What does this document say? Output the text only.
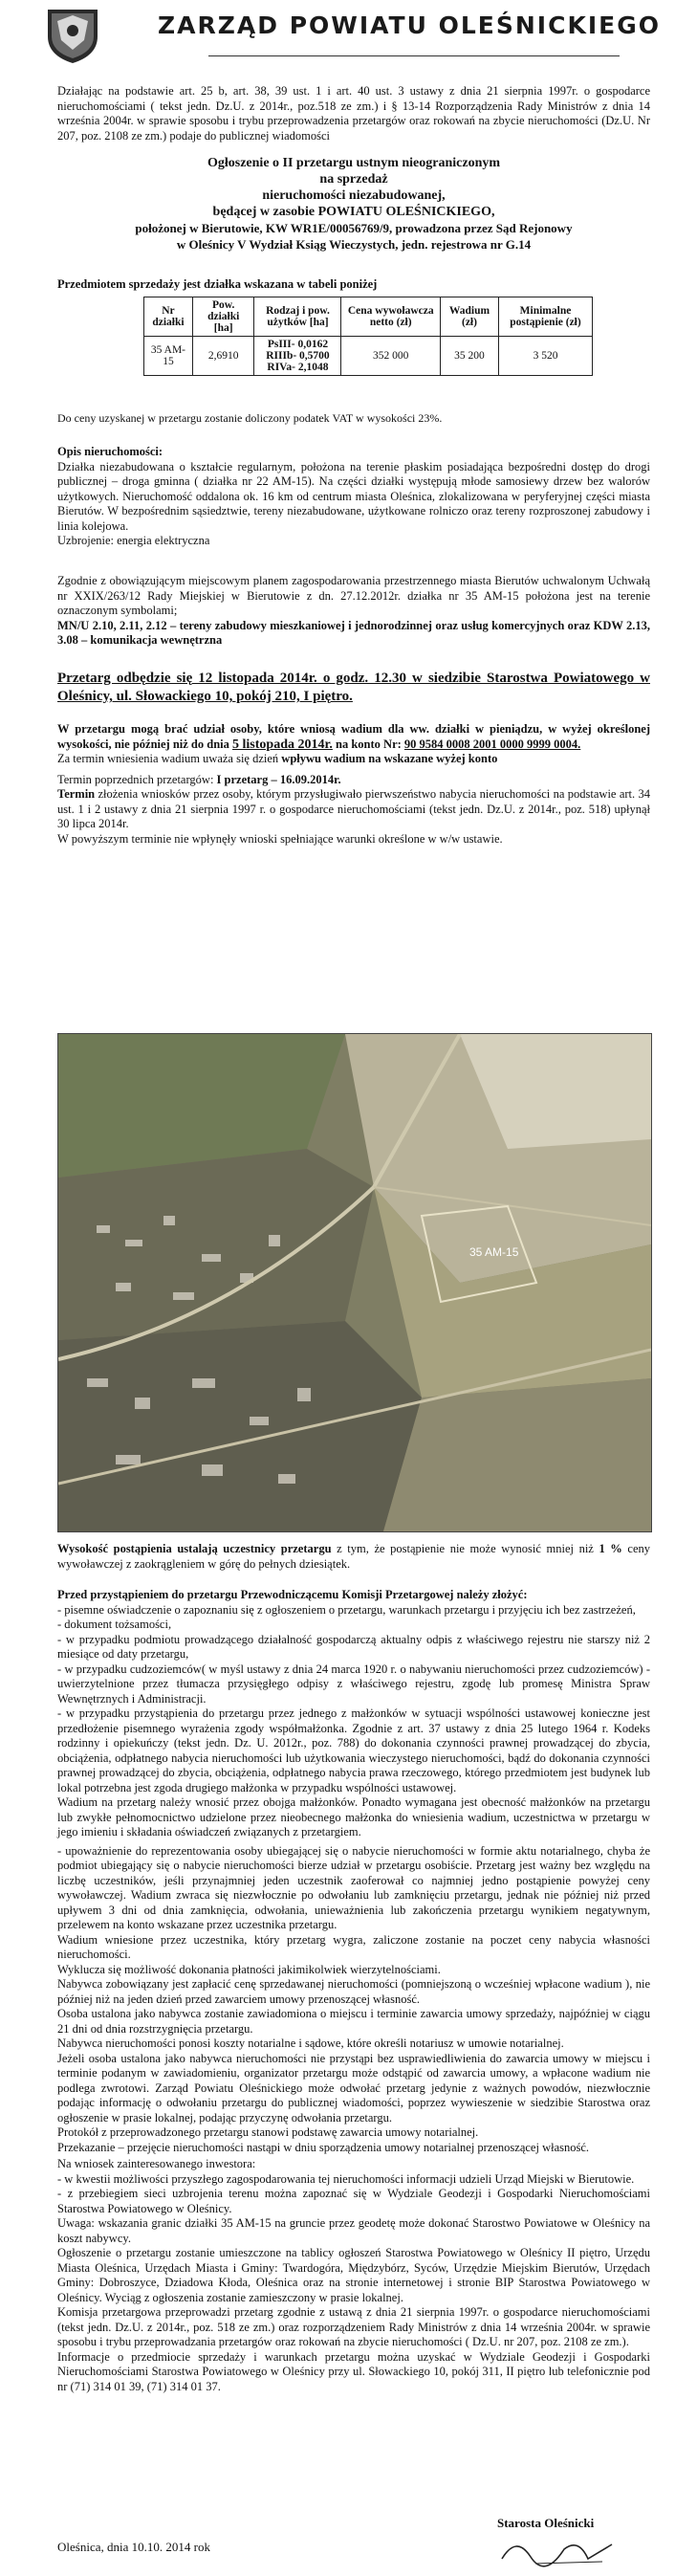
ZARZĄD POWIATU OLEŚNICKIEGO
Działając na podstawie art. 25 b, art. 38, 39 ust. 1 i art. 40 ust. 3 ustawy z dnia 21 sierpnia 1997r. o gospodarce nieruchomościami ( tekst jedn. Dz.U. z 2014r., poz.518 ze zm.) i § 13-14 Rozporządzenia Rady Ministrów z dnia 14 września 2004r. w sprawie sposobu i trybu przeprowadzenia przetargów oraz rokowań na zbycie nieruchomości (Dz.U. Nr 207, poz. 2108 ze zm.) podaje do publicznej wiadomości
Ogłoszenie o II przetargu ustnym nieograniczonym
na sprzedaż
nieruchomości niezabudowanej,
będącej w zasobie POWIATU OLEŚNICKIEGO,
położonej w Bierutowie, KW WR1E/00056769/9, prowadzona przez Sąd Rejonowy
w Oleśnicy V Wydział Ksiąg Wieczystych, jedn. rejestrowa nr G.14
Przedmiotem sprzedaży jest działka wskazana w tabeli poniżej
Nr działki	Pow. działki [ha]	Rodzaj i pow. użytków [ha]	Cena wywoławcza netto (zł)	Wadium (zł)	Minimalne postąpienie (zł)
35 AM-15	2,6910	PsIII- 0,0162
RIIIb- 0,5700
RIVa- 2,1048	352 000	35 200	3 520
Do ceny uzyskanej w przetargu zostanie doliczony podatek VAT w wysokości 23%.
Opis nieruchomości:
Działka niezabudowana o kształcie regularnym, położona na terenie płaskim posiadająca bezpośredni dostęp do drogi publicznej – droga gminna ( działka nr 22 AM-15). Na części działki występują młode samosiewy drzew bez walorów użytkowych. Nieruchomość oddalona ok. 16 km od centrum miasta Oleśnica, zlokalizowana w peryferyjnej części miasta Bierutów. W bezpośrednim sąsiedztwie, tereny niezabudowane, użytkowane rolniczo oraz tereny rozproszonej zabudowy i linia kolejowa.
Uzbrojenie: energia elektryczna
Zgodnie z obowiązującym miejscowym planem zagospodarowania przestrzennego miasta Bierutów uchwalonym Uchwałą nr XXIX/263/12 Rady Miejskiej w Bierutowie z dn. 27.12.2012r. działka nr 35 AM-15 położona jest na terenie oznaczonym symbolami;
MN/U 2.10, 2.11, 2.12 – tereny zabudowy mieszkaniowej i jednorodzinnej oraz usług komercyjnych oraz KDW 2.13, 3.08 – komunikacja wewnętrzna
Przetarg odbędzie się 12 listopada 2014r. o godz. 12.30 w siedzibie Starostwa Powiatowego w Oleśnicy, ul. Słowackiego 10, pokój 210, I piętro.
W przetargu mogą brać udział osoby, które wniosą wadium dla ww. działki w pieniądzu, w wyżej określonej wysokości, nie później niż do dnia 5 listopada 2014r. na konto Nr: 90 9584 0008 2001 0000 9999 0004.
Za termin wniesienia wadium uważa się dzień wpływu wadium na wskazane wyżej konto
Termin poprzednich przetargów: I przetarg – 16.09.2014r.
Termin złożenia wniosków przez osoby, którym przysługiwało pierwszeństwo nabycia nieruchomości na podstawie art. 34 ust. 1 i 2 ustawy z dnia 21 sierpnia 1997 r. o gospodarce nieruchomościami (tekst jedn. Dz.U. z 2014r., poz. 518) upłynął 30 lipca 2014r.
W powyższym terminie nie wpłynęły wnioski spełniające warunki określone w w/w ustawie.
35 AM-15
Wysokość postąpienia ustalają uczestnicy przetargu z tym, że postąpienie nie może wynosić mniej niż 1 % ceny wywoławczej z zaokrągleniem w górę do pełnych dziesiątek.
Przed przystąpieniem do przetargu Przewodniczącemu Komisji Przetargowej należy złożyć:
- pisemne oświadczenie o zapoznaniu się z ogłoszeniem o przetargu, warunkach przetargu i przyjęciu ich bez zastrzeżeń,
- dokument tożsamości,
- w przypadku podmiotu prowadzącego działalność gospodarczą aktualny odpis z właściwego rejestru nie starszy niż 2 miesiące od daty przetargu,
- w przypadku cudzoziemców( w myśl ustawy z dnia 24 marca 1920 r. o nabywaniu nieruchomości przez cudzoziemców) - uwierzytelnione przez tłumacza przysięgłego odpisy z właściwego rejestru, zgodę lub promesę Ministra Spraw Wewnętrznych i Administracji.
- w przypadku przystąpienia do przetargu przez jednego z małżonków w sytuacji wspólności ustawowej konieczne jest przedłożenie pisemnego wyrażenia zgody współmałżonka. Zgodnie z art. 37 ustawy z dnia 25 lutego 1964 r. Kodeks rodzinny i opiekuńczy (tekst jedn. Dz. U. 2012r., poz. 788) do dokonania czynności prawnej prowadzącej do zbycia, obciążenia, odpłatnego nabycia nieruchomości lub użytkowania wieczystego nieruchomości, bądź do dokonania czynności prawnej prowadzącej do zbycia, obciążenia, odpłatnego nabycia prawa rzeczowego, którego przedmiotem jest budynek lub lokal potrzebna jest zgoda drugiego małżonka w przypadku wspólności ustawowej.
Wadium na przetarg należy wnosić przez obojga małżonków. Ponadto wymagana jest obecność małżonków na przetargu lub zwykłe pełnomocnictwo udzielone przez nieobecnego małżonka do wniesienia wadium, uczestnictwa w przetargu w jego imieniu i składania oświadczeń związanych z przetargiem.
- upoważnienie do reprezentowania osoby ubiegającej się o nabycie nieruchomości w formie aktu notarialnego, chyba że podmiot ubiegający się o nabycie nieruchomości bierze udział w przetargu osobiście. Przetarg jest ważny bez względu na liczbę uczestników, jeśli przynajmniej jeden uczestnik zaoferował co najmniej jedno postąpienie powyżej ceny wywoławczej. Wadium zwraca się niezwłocznie po odwołaniu lub zamknięciu przetargu, jednak nie później niż przed upływem 3 dni od dnia zamknięcia, odwołania, unieważnienia lub zakończenia przetargu wynikiem negatywnym, przelewem na konto wskazane przez uczestnika przetargu.
Wadium wniesione przez uczestnika, który przetarg wygra, zaliczone zostanie na poczet ceny nabycia własności nieruchomości.
Wyklucza się możliwość dokonania płatności jakimikolwiek wierzytelnościami.
Nabywca zobowiązany jest zapłacić cenę sprzedawanej nieruchomości (pomniejszoną o wcześniej wpłacone wadium ), nie później niż na jeden dzień przed zawarciem umowy przenoszącej własność.
Osoba ustalona jako nabywca zostanie zawiadomiona o miejscu i terminie zawarcia umowy sprzedaży, najpóźniej w ciągu 21 dni od dnia rozstrzygnięcia przetargu.
Nabywca nieruchomości ponosi koszty notarialne i sądowe, które określi notariusz w umowie notarialnej.
Jeżeli osoba ustalona jako nabywca nieruchomości nie przystąpi bez usprawiedliwienia do zawarcia umowy w miejscu i terminie podanym w zawiadomieniu, organizator przetargu może odstąpić od zawarcia umowy, a wpłacone wadium nie podlega zwrotowi. Zarząd Powiatu Oleśnickiego może odwołać przetarg jedynie z ważnych powodów, niezwłocznie podając informację o odwołaniu przetargu do publicznej wiadomości, poprzez wywieszenie w siedzibie Starostwa oraz ogłoszenie w prasie lokalnej, podając przyczynę odwołania przetargu.
Protokół z przeprowadzonego przetargu stanowi podstawę zawarcia umowy notarialnej.
Przekazanie – przejęcie nieruchomości nastąpi w dniu sporządzenia umowy notarialnej przenoszącej własność.
Na wniosek zainteresowanego inwestora:
- w kwestii możliwości przyszłego zagospodarowania tej nieruchomości informacji udzieli Urząd Miejski w Bierutowie.
- z przebiegiem sieci uzbrojenia terenu można zapoznać się w Wydziale Geodezji i Gospodarki Nieruchomościami Starostwa Powiatowego w Oleśnicy.
Uwaga: wskazania granic działki 35 AM-15 na gruncie przez geodetę może dokonać Starostwo Powiatowe w Oleśnicy na koszt nabywcy.
Ogłoszenie o przetargu zostanie umieszczone na tablicy ogłoszeń Starostwa Powiatowego w Oleśnicy II piętro, Urzędu Miasta Oleśnica, Urzędach Miasta i Gminy: Twardogóra, Międzybórz, Syców, Urzędzie Miejskim Bierutów, Urzędach Gminy: Dobroszyce, Dziadowa Kłoda, Oleśnica oraz na stronie internetowej i stronie BIP Starostwa Powiatowego w Oleśnicy. Wyciąg z ogłoszenia zostanie zamieszczony w prasie lokalnej.
Komisja przetargowa przeprowadzi przetarg zgodnie z ustawą z dnia 21 sierpnia 1997r. o gospodarce nieruchomościami (tekst jedn. Dz.U. z 2014r., poz. 518 ze zm.) oraz rozporządzeniem Rady Ministrów z dnia 14 września 2004r. w sprawie sposobu i trybu przeprowadzania przetargów oraz rokowań na zbycie nieruchomości ( Dz.U. nr 207, poz. 2108 ze zm.).
Informacje o przedmiocie sprzedaży i warunkach przetargu można uzyskać w Wydziale Geodezji i Gospodarki Nieruchomościami Starostwa Powiatowego w Oleśnicy przy ul. Słowackiego 10, pokój 311, II piętro lub telefonicznie pod nr (71) 314 01 39, (71) 314 01 37.
Oleśnica, dnia 10.10. 2014 rok
Starosta Oleśnicki
